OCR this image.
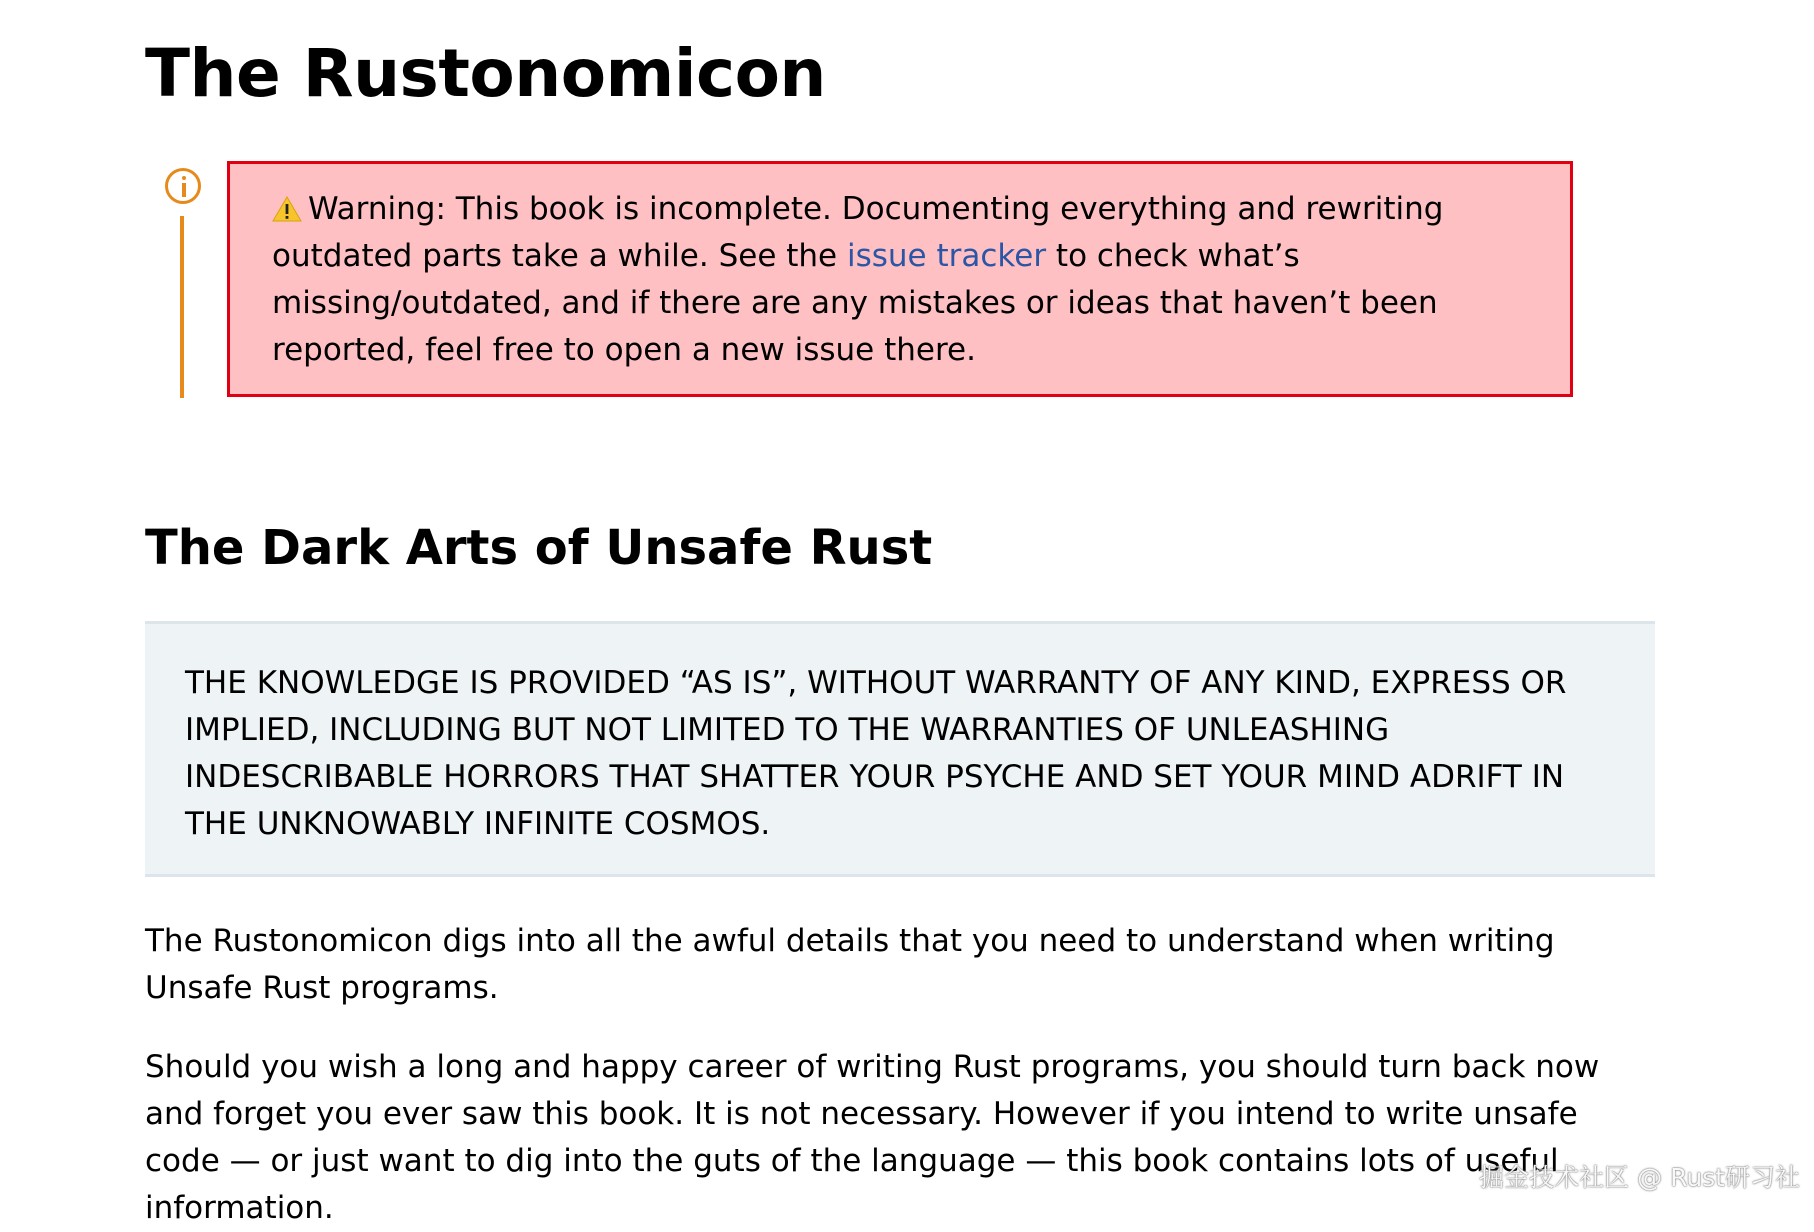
The Rustonomicon
Warning: This book is incomplete. Documenting everything and rewriting outdated parts take a while. See the issue tracker to check what’s missing/outdated, and if there are any mistakes or ideas that haven’t been reported, feel free to open a new issue there.
The Dark Arts of Unsafe Rust
THE KNOWLEDGE IS PROVIDED “AS IS”, WITHOUT WARRANTY OF ANY KIND, EXPRESS OR IMPLIED, INCLUDING BUT NOT LIMITED TO THE WARRANTIES OF UNLEASHING INDESCRIBABLE HORRORS THAT SHATTER YOUR PSYCHE AND SET YOUR MIND ADRIFT IN THE UNKNOWABLY INFINITE COSMOS.

The Rustonomicon digs into all the awful details that you need to understand when writing Unsafe Rust programs.

Should you wish a long and happy career of writing Rust programs, you should turn back now and forget you ever saw this book. It is not necessary. However if you intend to write unsafe code — or just want to dig into the guts of the language — this book contains lots of useful information.

掘金技术社区 @ Rust研习社
